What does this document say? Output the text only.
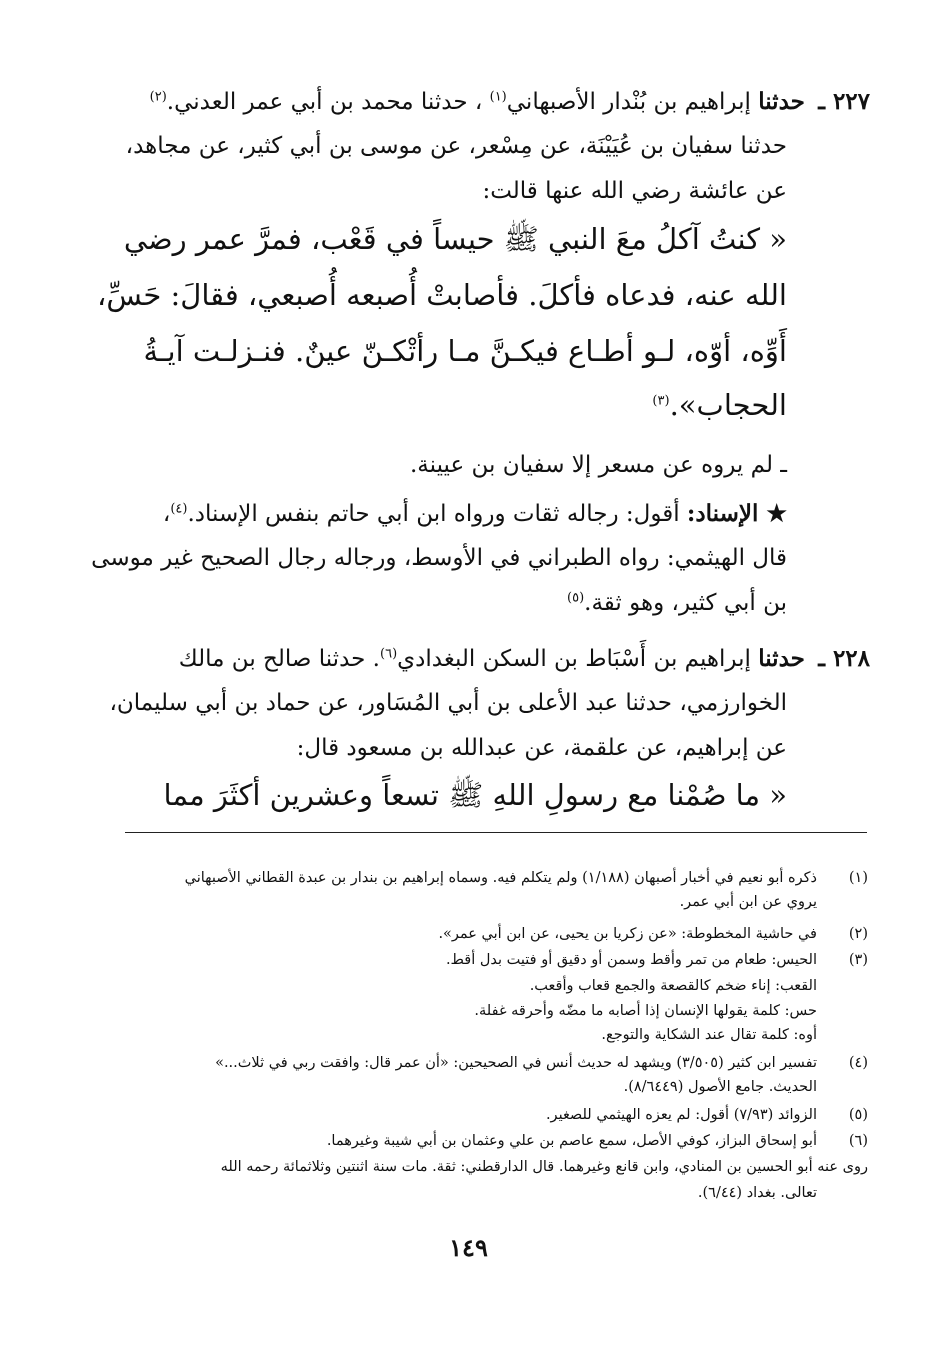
٢٢٧ ـ حدثنا إبراهيم بن بُنْدار الأصبهاني$^{(١)}$ ، حدثنا محمد بن أبي عمر العدني.$^{(٢)}$
حدثنا سفيان بن عُيَيْنَة، عن مِسْعر، عن موسى بن أبي كثير، عن مجاهد،
عن عائشة رضي الله عنها قالت:
« كنتُ آكلُ معَ النبي ﷺ حيساً في قَعْب، فمرَّ عمر رضي
الله عنه، فدعاه فأكلَ. فأصابتْ أُصبعه أُصبعي، فقالَ: حَسِّ،
أَوِّه، أوّه، لـو أطـاع فيكـنَّ مـا رأتْكـنّ عينٌ. فنـزلـت آيـةُ
الحجاب».$^{(٣)}$
ـ لم يروه عن مسعر إلا سفيان بن عيينة.
★ الإسناد: أقول: رجاله ثقات ورواه ابن أبي حاتم بنفس الإسناد.$^{(٤)}$،
قال الهيثمي: رواه الطبراني في الأوسط، ورجاله رجال الصحيح غير موسى
بن أبي كثير، وهو ثقة.$^{(٥)}$
٢٢٨ ـ حدثنا إبراهيم بن أَسْبَاط بن السكن البغدادي$^{(٦)}$. حدثنا صالح بن مالك
الخوارزمي، حدثنا عبد الأعلى بن أبي المُسَاور، عن حماد بن أبي سليمان،
عن إبراهيم، عن علقمة، عن عبدالله بن مسعود قال:
« ما صُمْنا مع رسولِ اللهِ ﷺ تسعاً وعشرين أكثَرَ مما
(١)
ذكره أبو نعيم في أخبار أصبهان (١/١٨٨) ولم يتكلم فيه. وسماه إبراهيم بن بندار بن عبدة القطاني الأصبهاني
يروي عن ابن أبي عمر.
(٢)
في حاشية المخطوطة: «عن زكريا بن يحيى، عن ابن أبي عمر».
(٣)
الحيس: طعام من تمر وأقط وسمن أو دقيق أو فتيت بدل أقط.
القعب: إناء ضخم كالقصعة والجمع قعاب وأقعب.
حس: كلمة يقولها الإنسان إذا أصابه ما مضّه وأحرقه غفلة.
أوه: كلمة تقال عند الشكاية والتوجع.
(٤)
تفسير ابن كثير (٣/٥٠٥) ويشهد له حديث أنس في الصحيحين: «أن عمر قال: وافقت ربي في ثلاث...»
الحديث. جامع الأصول (٨/٦٤٤٩).
(٥)
الزوائد (٧/٩٣) أقول: لم يعزه الهيثمي للصغير.
(٦)
أبو إسحاق البزاز، كوفي الأصل، سمع عاصم بن علي وعثمان بن أبي شيبة وغيرهما.
روى عنه أبو الحسين بن المنادي، وابن قانع وغيرهما. قال الدارقطني: ثقة. مات سنة اثنتين وثلاثمائة رحمه الله
تعالى. بغداد (٦/٤٤).
١٤٩
